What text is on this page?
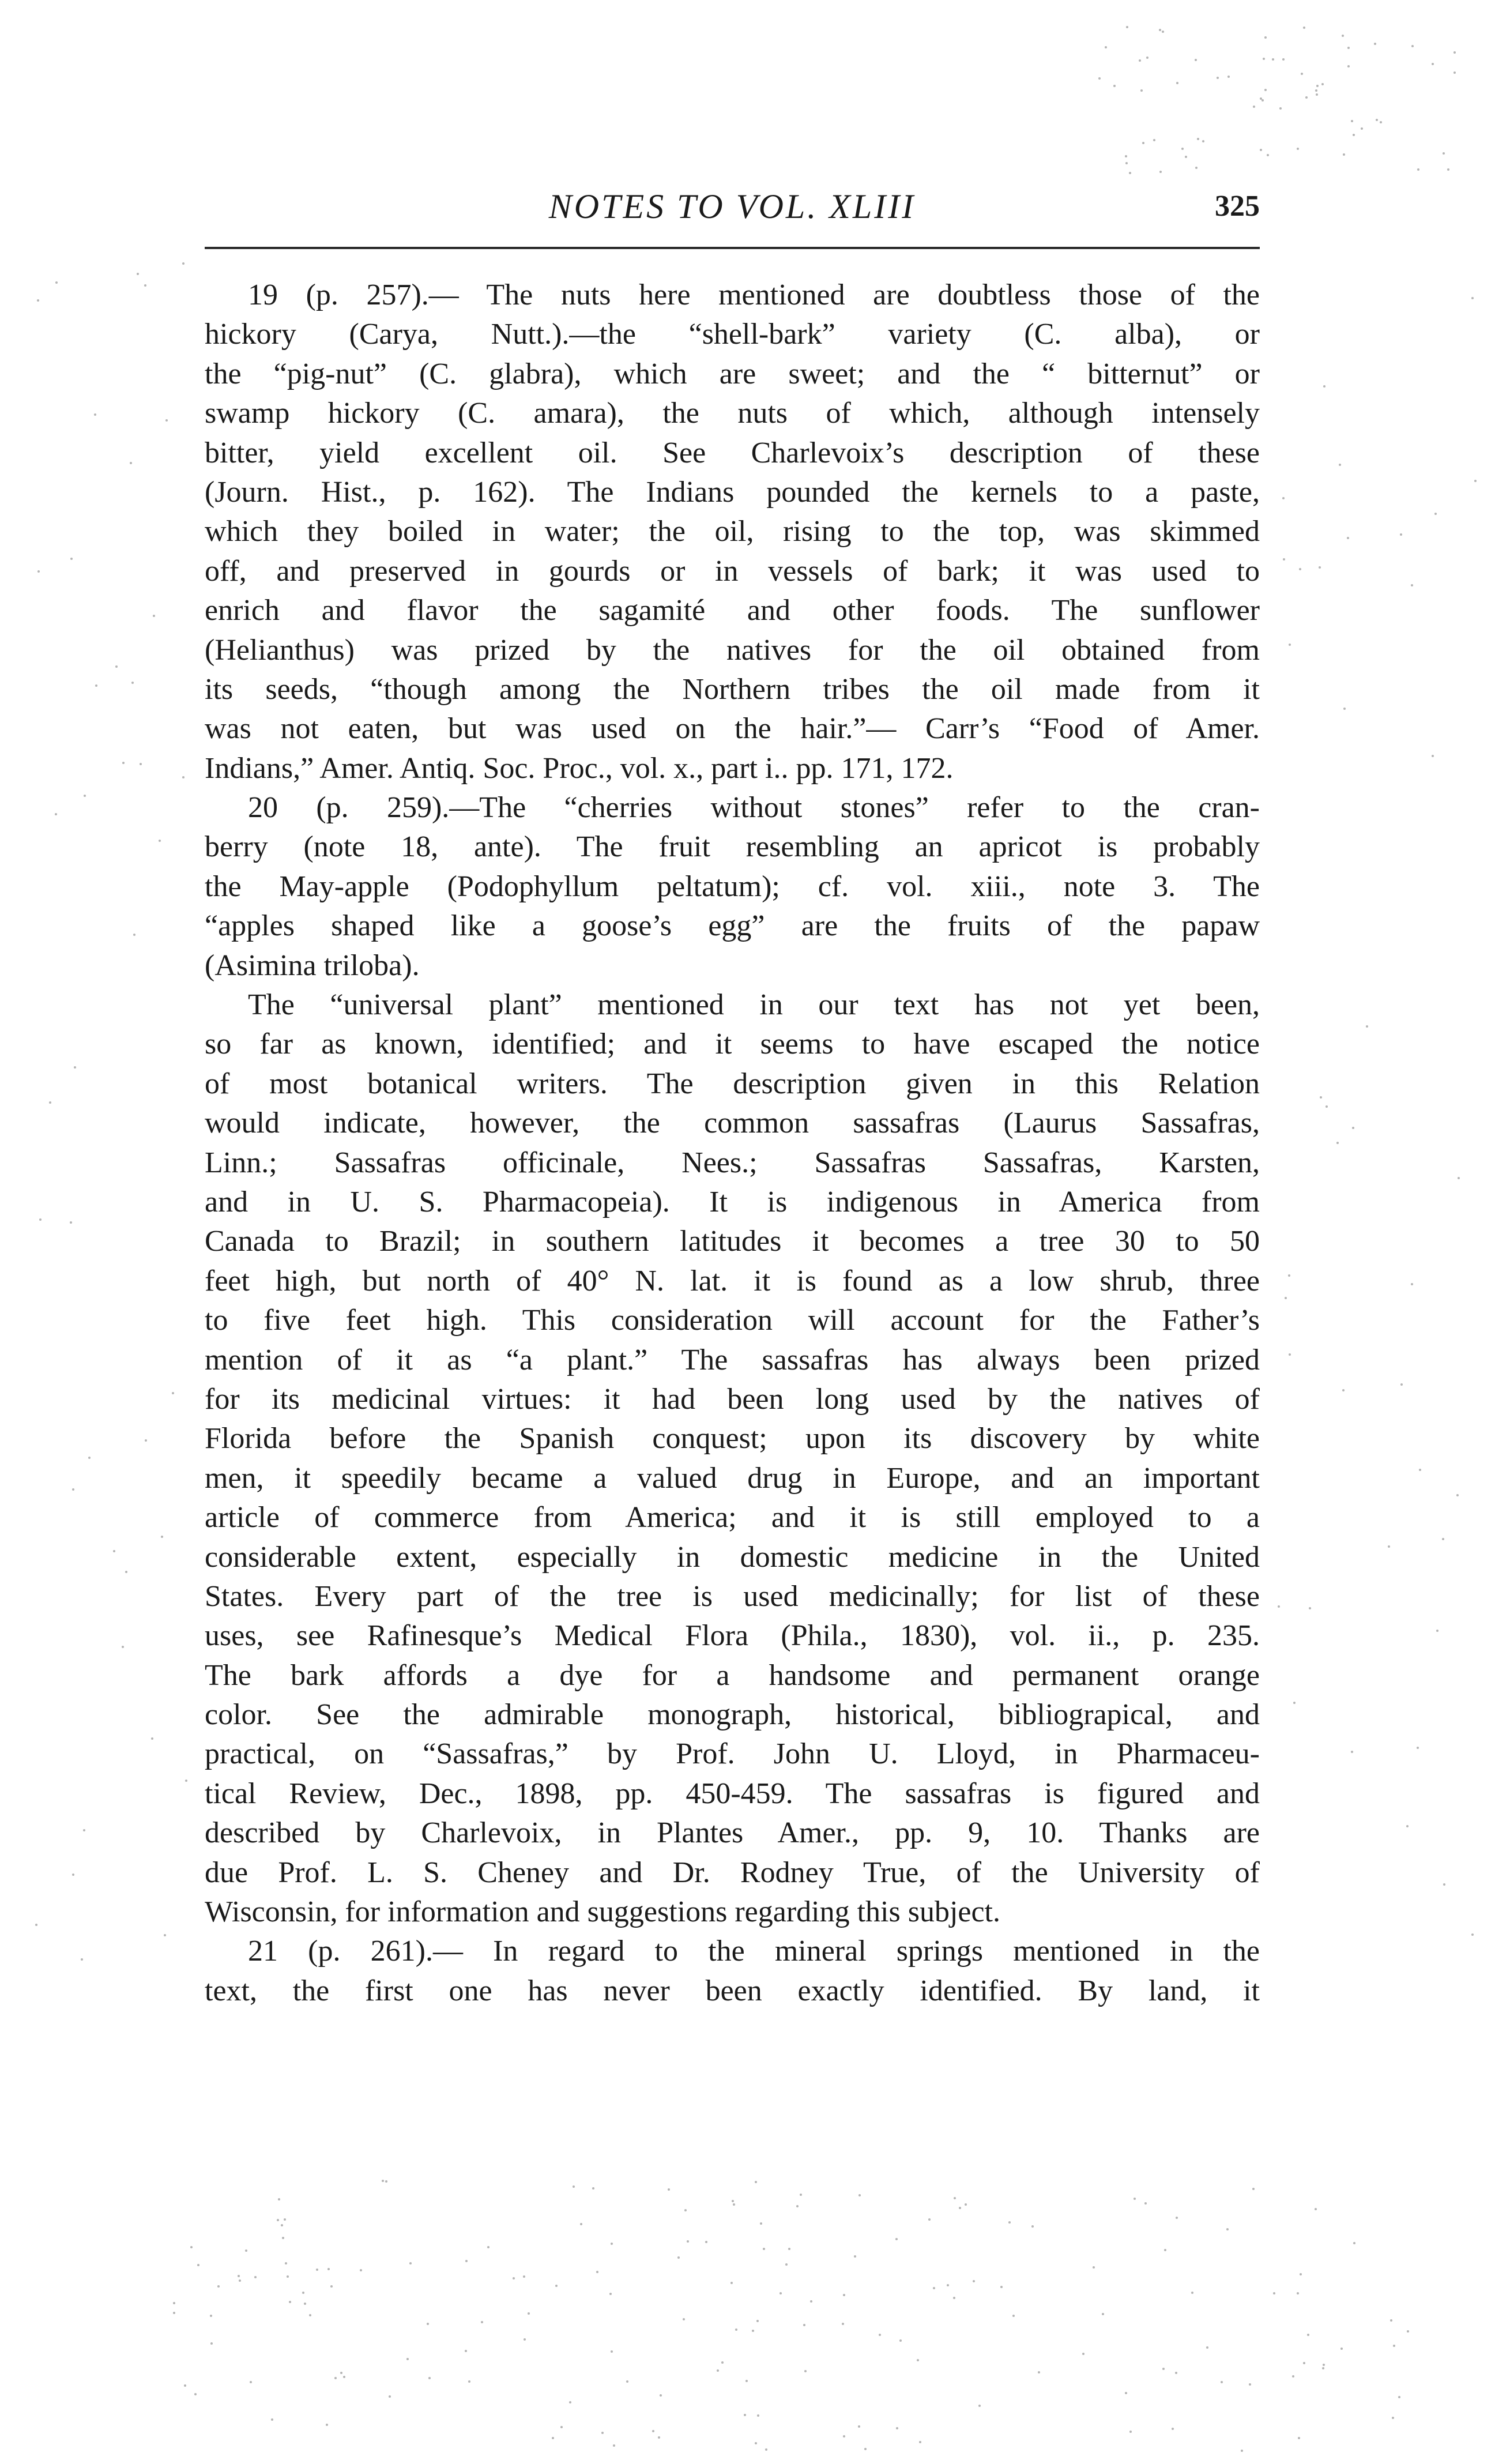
NOTES TO VOL. XLIII	325
19 (p. 257).— The nuts here mentioned are doubtless those of the
hickory (Carya, Nutt.).—the “shell-bark” variety (C. alba), or
the “pig-nut” (C. glabra), which are sweet; and the “ bitternut” or
swamp hickory (C. amara), the nuts of which, although intensely
bitter, yield excellent oil. See Charlevoix’s description of these
(Journ. Hist., p. 162). The Indians pounded the kernels to a paste,
which they boiled in water; the oil, rising to the top, was skimmed
off, and preserved in gourds or in vessels of bark; it was used to
enrich and flavor the sagamité and other foods. The sunflower
(Helianthus) was prized by the natives for the oil obtained from
its seeds, “though among the Northern tribes the oil made from it
was not eaten, but was used on the hair.”— Carr’s “Food of Amer.
Indians,” Amer. Antiq. Soc. Proc., vol. x., part i.. pp. 171, 172.
20 (p. 259).—The “cherries without stones” refer to the cran-
berry (note 18, ante). The fruit resembling an apricot is probably
the May-apple (Podophyllum peltatum); cf. vol. xiii., note 3. The
“apples shaped like a goose’s egg” are the fruits of the papaw
(Asimina triloba).
The “universal plant” mentioned in our text has not yet been,
so far as known, identified; and it seems to have escaped the notice
of most botanical writers. The description given in this Relation
would indicate, however, the common sassafras (Laurus Sassafras,
Linn.; Sassafras officinale, Nees.; Sassafras Sassafras, Karsten,
and in U. S. Pharmacopeia). It is indigenous in America from
Canada to Brazil; in southern latitudes it becomes a tree 30 to 50
feet high, but north of 40° N. lat. it is found as a low shrub, three
to five feet high. This consideration will account for the Father’s
mention of it as “a plant.” The sassafras has always been prized
for its medicinal virtues: it had been long used by the natives of
Florida before the Spanish conquest; upon its discovery by white
men, it speedily became a valued drug in Europe, and an important
article of commerce from America; and it is still employed to a
considerable extent, especially in domestic medicine in the United
States. Every part of the tree is used medicinally; for list of these
uses, see Rafinesque’s Medical Flora (Phila., 1830), vol. ii., p. 235.
The bark affords a dye for a handsome and permanent orange
color. See the admirable monograph, historical, bibliograpical, and
practical, on “Sassafras,” by Prof. John U. Lloyd, in Pharmaceu-
tical Review, Dec., 1898, pp. 450-459. The sassafras is figured and
described by Charlevoix, in Plantes Amer., pp. 9, 10. Thanks are
due Prof. L. S. Cheney and Dr. Rodney True, of the University of
Wisconsin, for information and suggestions regarding this subject.
21 (p. 261).— In regard to the mineral springs mentioned in the
text, the first one has never been exactly identified. By land, it
